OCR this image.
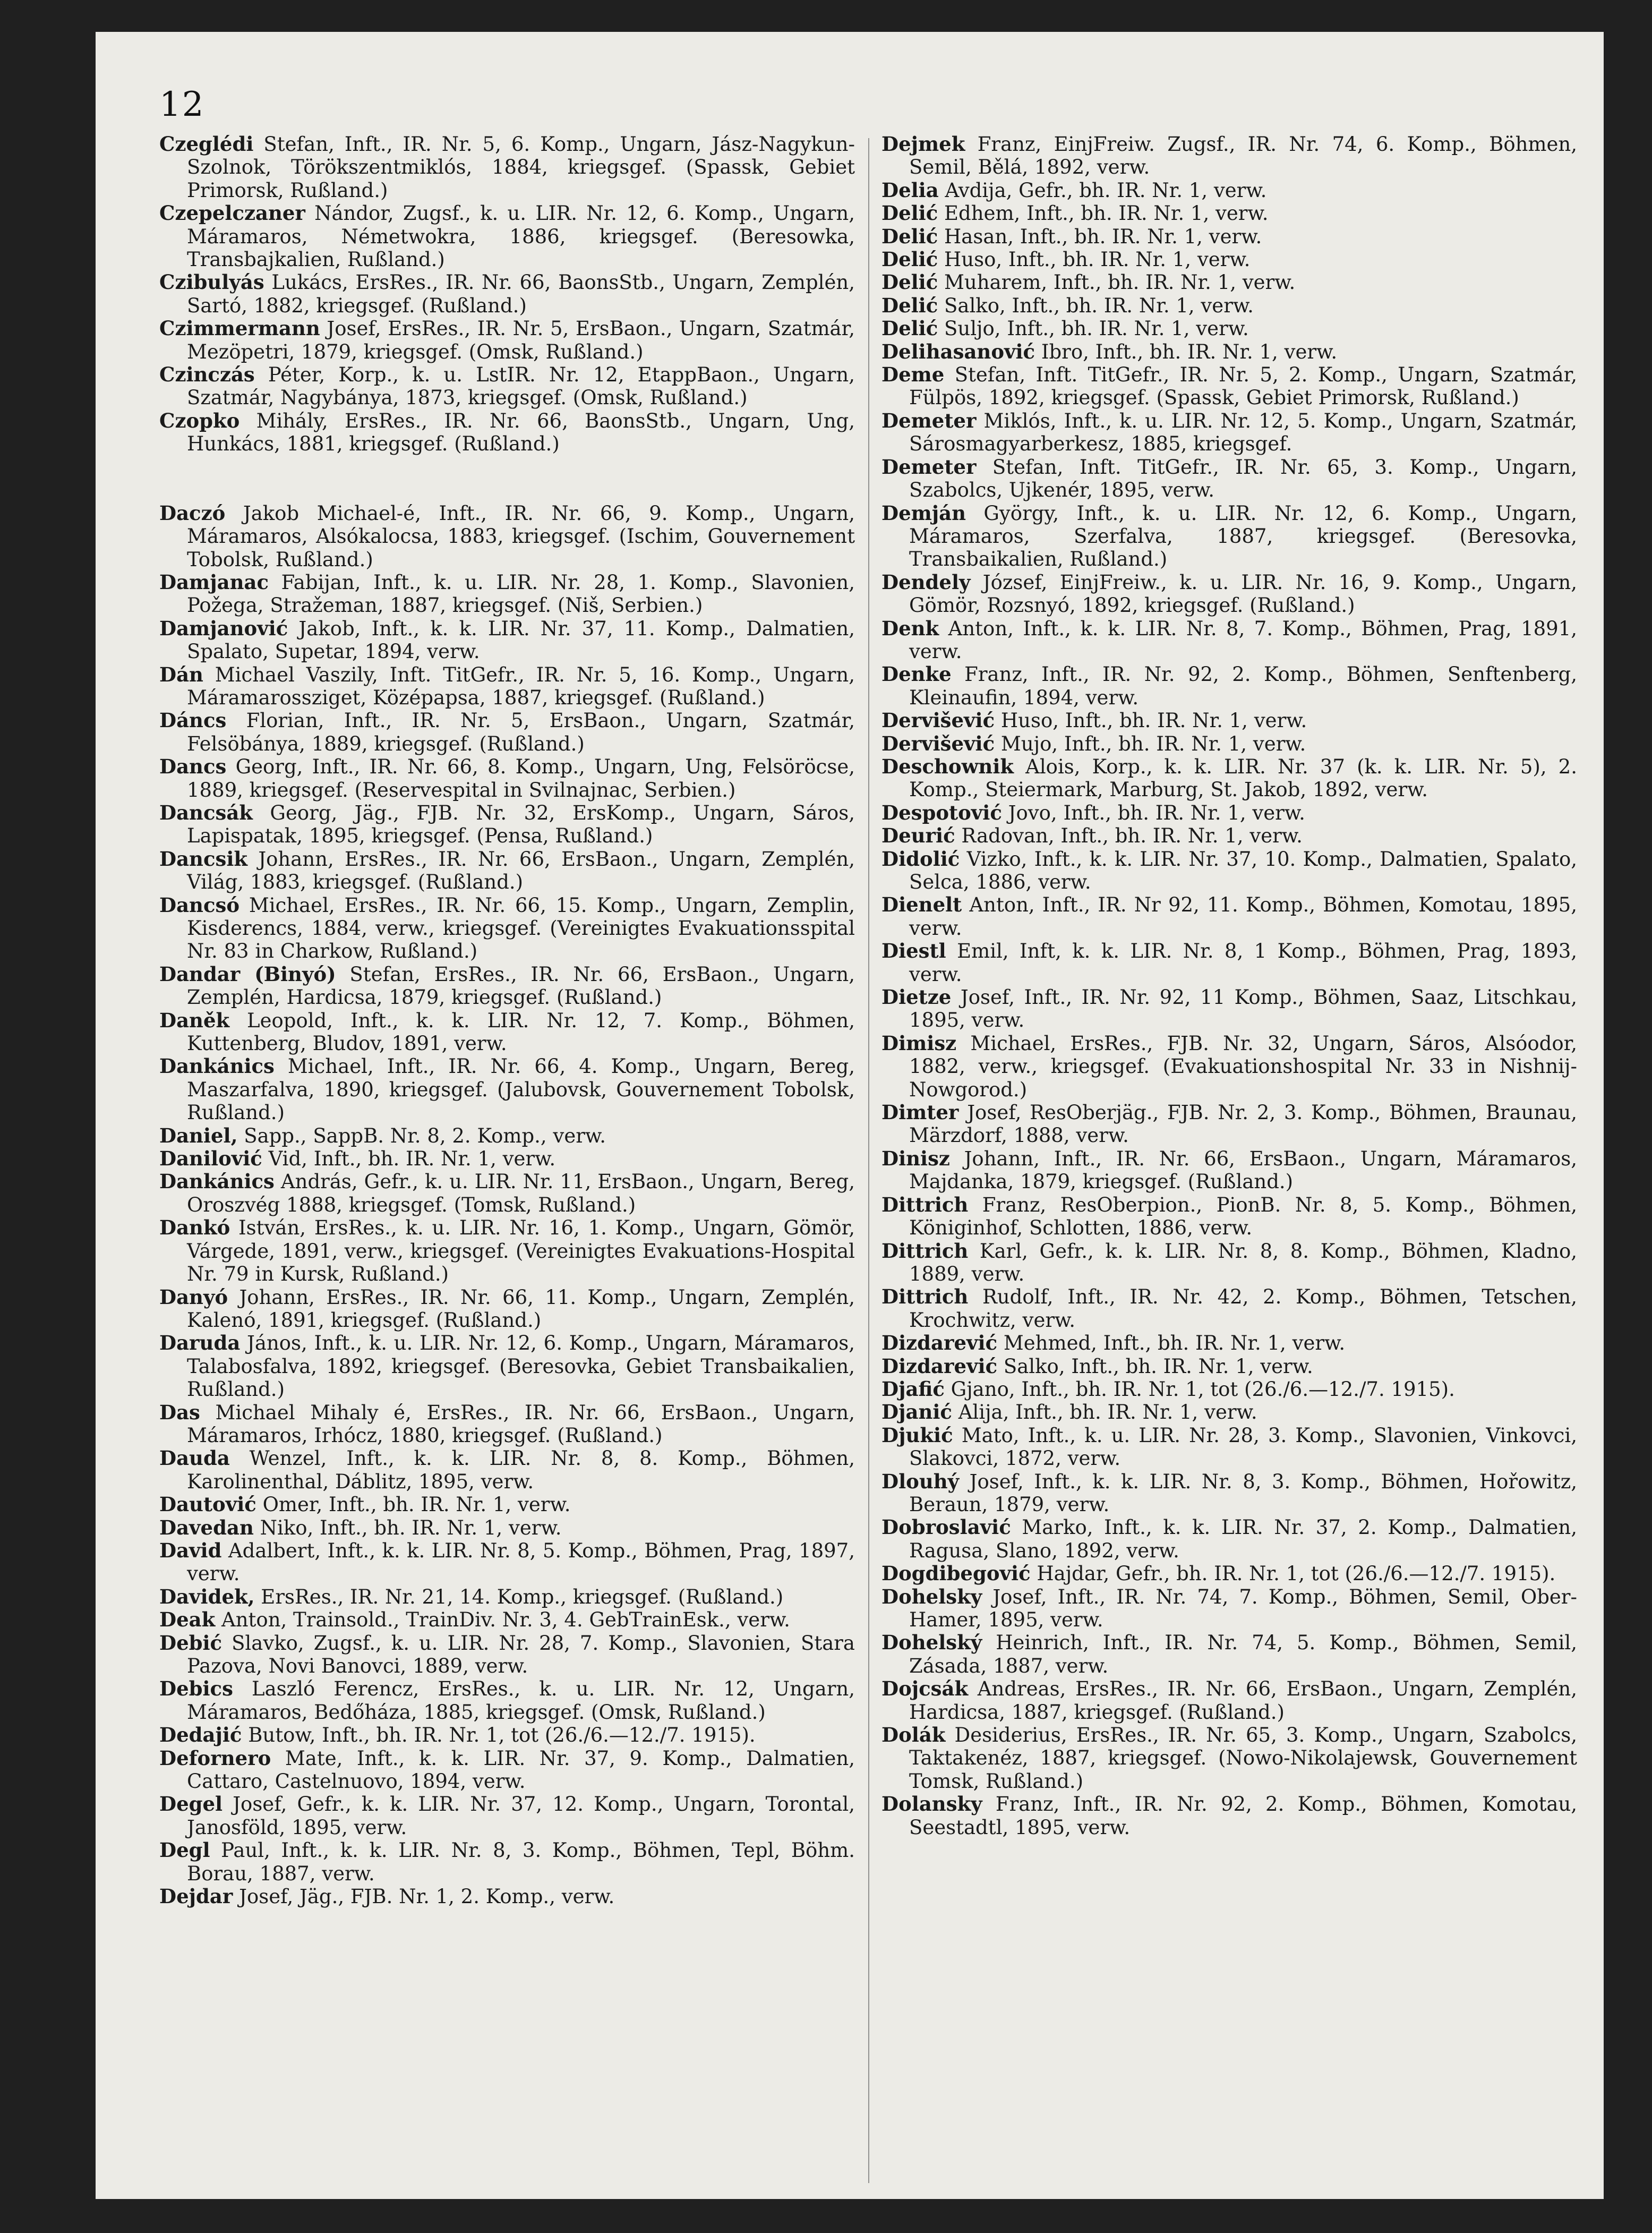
12

Czeglédi Stefan, Inft., IR. Nr. 5, 6. Komp., Ungarn, Jász-Nagykun-Szolnok, Törökszentmiklós, 1884, kriegsgef. (Spassk, Gebiet Primorsk, Rußland.)

Czepelczaner Nándor, Zugsf., k. u. LIR. Nr. 12, 6. Komp., Ungarn, Máramaros, Németwokra, 1886, kriegsgef. (Beresowka, Transbajkalien, Rußland.)

Czibulyás Lukács, ErsRes., IR. Nr. 66, BaonsStb., Ungarn, Zemplén, Sartó, 1882, kriegsgef. (Rußland.)

Czimmermann Josef, ErsRes., IR. Nr. 5, ErsBaon., Ungarn, Szatmár, Mezöpetri, 1879, kriegsgef. (Omsk, Rußland.)

Czinczás Péter, Korp., k. u. LstIR. Nr. 12, EtappBaon., Ungarn, Szatmár, Nagybánya, 1873, kriegsgef. (Omsk, Rußland.)

Czopko Mihály, ErsRes., IR. Nr. 66, BaonsStb., Ungarn, Ung, Hunkács, 1881, kriegsgef. (Rußland.)

Daczó Jakob Michael-é, Inft., IR. Nr. 66, 9. Komp., Ungarn, Máramaros, Alsókalocsa, 1883, kriegsgef. (Ischim, Gouvernement Tobolsk, Rußland.)

Damjanac Fabijan, Inft., k. u. LIR. Nr. 28, 1. Komp., Slavonien, Požega, Stražeman, 1887, kriegsgef. (Niš, Serbien.)

Damjanović Jakob, Inft., k. k. LIR. Nr. 37, 11. Komp., Dalmatien, Spalato, Supetar, 1894, verw.

Dán Michael Vaszily, Inft. TitGefr., IR. Nr. 5, 16. Komp., Ungarn, Máramarossziget, Középapsa, 1887, kriegsgef. (Rußland.)

Dáncs Florian, Inft., IR. Nr. 5, ErsBaon., Ungarn, Szatmár, Felsöbánya, 1889, kriegsgef. (Rußland.)

Dancs Georg, Inft., IR. Nr. 66, 8. Komp., Ungarn, Ung, Felsöröcse, 1889, kriegsgef. (Reservespital in Svilnajnac, Serbien.)

Dancsák Georg, Jäg., FJB. Nr. 32, ErsKomp., Ungarn, Sáros, Lapispatak, 1895, kriegsgef. (Pensa, Rußland.)

Dancsik Johann, ErsRes., IR. Nr. 66, ErsBaon., Ungarn, Zemplén, Világ, 1883, kriegsgef. (Rußland.)

Dancsó Michael, ErsRes., IR. Nr. 66, 15. Komp., Ungarn, Zemplin, Kisderencs, 1884, verw., kriegsgef. (Vereinigtes Evakuationsspital Nr. 83 in Charkow, Rußland.)

Dandar (Binyó) Stefan, ErsRes., IR. Nr. 66, ErsBaon., Ungarn, Zemplén, Hardicsa, 1879, kriegsgef. (Rußland.)

Daněk Leopold, Inft., k. k. LIR. Nr. 12, 7. Komp., Böhmen, Kuttenberg, Bludov, 1891, verw.

Dankánics Michael, Inft., IR. Nr. 66, 4. Komp., Ungarn, Bereg, Maszarfalva, 1890, kriegsgef. (Jalubovsk, Gouvernement Tobolsk, Rußland.)

Daniel, Sapp., SappB. Nr. 8, 2. Komp., verw.

Danilović Vid, Inft., bh. IR. Nr. 1, verw.

Dankánics András, Gefr., k. u. LIR. Nr. 11, ErsBaon., Ungarn, Bereg, Oroszvég 1888, kriegsgef. (Tomsk, Rußland.)

Dankó István, ErsRes., k. u. LIR. Nr. 16, 1. Komp., Ungarn, Gömör, Várgede, 1891, verw., kriegsgef. (Vereinigtes Evakuations-Hospital Nr. 79 in Kursk, Rußland.)

Danyó Johann, ErsRes., IR. Nr. 66, 11. Komp., Ungarn, Zemplén, Kalenó, 1891, kriegsgef. (Rußland.)

Daruda János, Inft., k. u. LIR. Nr. 12, 6. Komp., Ungarn, Máramaros, Talabosfalva, 1892, kriegsgef. (Beresovka, Gebiet Transbaikalien, Rußland.)

Das Michael Mihaly é, ErsRes., IR. Nr. 66, ErsBaon., Ungarn, Máramaros, Irhócz, 1880, kriegsgef. (Rußland.)

Dauda Wenzel, Inft., k. k. LIR. Nr. 8, 8. Komp., Böhmen, Karolinenthal, Dáblitz, 1895, verw.

Dautović Omer, Inft., bh. IR. Nr. 1, verw.

Davedan Niko, Inft., bh. IR. Nr. 1, verw.

David Adalbert, Inft., k. k. LIR. Nr. 8, 5. Komp., Böhmen, Prag, 1897, verw.

Davidek, ErsRes., IR. Nr. 21, 14. Komp., kriegsgef. (Rußland.)

Deak Anton, Trainsold., TrainDiv. Nr. 3, 4. GebTrainEsk., verw.

Debić Slavko, Zugsf., k. u. LIR. Nr. 28, 7. Komp., Slavonien, Stara Pazova, Novi Banovci, 1889, verw.

Debics Laszló Ferencz, ErsRes., k. u. LIR. Nr. 12, Ungarn, Máramaros, Bedőháza, 1885, kriegsgef. (Omsk, Rußland.)

Dedajić Butow, Inft., bh. IR. Nr. 1, tot (26./6.—12./7. 1915).

Defornero Mate, Inft., k. k. LIR. Nr. 37, 9. Komp., Dalmatien, Cattaro, Castelnuovo, 1894, verw.

Degel Josef, Gefr., k. k. LIR. Nr. 37, 12. Komp., Ungarn, Torontal, Janosföld, 1895, verw.

Degl Paul, Inft., k. k. LIR. Nr. 8, 3. Komp., Böhmen, Tepl, Böhm. Borau, 1887, verw.

Dejdar Josef, Jäg., FJB. Nr. 1, 2. Komp., verw.

Dejmek Franz, EinjFreiw. Zugsf., IR. Nr. 74, 6. Komp., Böhmen, Semil, Bělá, 1892, verw.

Delia Avdija, Gefr., bh. IR. Nr. 1, verw.

Delić Edhem, Inft., bh. IR. Nr. 1, verw.

Delić Hasan, Inft., bh. IR. Nr. 1, verw.

Delić Huso, Inft., bh. IR. Nr. 1, verw.

Delić Muharem, Inft., bh. IR. Nr. 1, verw.

Delić Salko, Inft., bh. IR. Nr. 1, verw.

Delić Suljo, Inft., bh. IR. Nr. 1, verw.

Delihasanović Ibro, Inft., bh. IR. Nr. 1, verw.

Deme Stefan, Inft. TitGefr., IR. Nr. 5, 2. Komp., Ungarn, Szatmár, Fülpös, 1892, kriegsgef. (Spassk, Gebiet Primorsk, Rußland.)

Demeter Miklós, Inft., k. u. LIR. Nr. 12, 5. Komp., Ungarn, Szatmár, Sárosmagyarberkesz, 1885, kriegsgef.

Demeter Stefan, Inft. TitGefr., IR. Nr. 65, 3. Komp., Ungarn, Szabolcs, Ujkenér, 1895, verw.

Demján György, Inft., k. u. LIR. Nr. 12, 6. Komp., Ungarn, Máramaros, Szerfalva, 1887, kriegsgef. (Beresovka, Transbaikalien, Rußland.)

Dendely József, EinjFreiw., k. u. LIR. Nr. 16, 9. Komp., Ungarn, Gömör, Rozsnyó, 1892, kriegsgef. (Rußland.)

Denk Anton, Inft., k. k. LIR. Nr. 8, 7. Komp., Böhmen, Prag, 1891, verw.

Denke Franz, Inft., IR. Nr. 92, 2. Komp., Böhmen, Senftenberg, Kleinaufin, 1894, verw.

Dervišević Huso, Inft., bh. IR. Nr. 1, verw.

Dervišević Mujo, Inft., bh. IR. Nr. 1, verw.

Deschownik Alois, Korp., k. k. LIR. Nr. 37 (k. k. LIR. Nr. 5), 2. Komp., Steiermark, Marburg, St. Jakob, 1892, verw.

Despotović Jovo, Inft., bh. IR. Nr. 1, verw.

Deurić Radovan, Inft., bh. IR. Nr. 1, verw.

Didolić Vizko, Inft., k. k. LIR. Nr. 37, 10. Komp., Dalmatien, Spalato, Selca, 1886, verw.

Dienelt Anton, Inft., IR. Nr 92, 11. Komp., Böhmen, Komotau, 1895, verw.

Diestl Emil, Inft, k. k. LIR. Nr. 8, 1 Komp., Böhmen, Prag, 1893, verw.

Dietze Josef, Inft., IR. Nr. 92, 11 Komp., Böhmen, Saaz, Litschkau, 1895, verw.

Dimisz Michael, ErsRes., FJB. Nr. 32, Ungarn, Sáros, Alsóodor, 1882, verw., kriegsgef. (Evakuationshospital Nr. 33 in Nishnij-Nowgorod.)

Dimter Josef, ResOberjäg., FJB. Nr. 2, 3. Komp., Böhmen, Braunau, Märzdorf, 1888, verw.

Dinisz Johann, Inft., IR. Nr. 66, ErsBaon., Ungarn, Máramaros, Majdanka, 1879, kriegsgef. (Rußland.)

Dittrich Franz, ResOberpion., PionB. Nr. 8, 5. Komp., Böhmen, Königinhof, Schlotten, 1886, verw.

Dittrich Karl, Gefr., k. k. LIR. Nr. 8, 8. Komp., Böhmen, Kladno, 1889, verw.

Dittrich Rudolf, Inft., IR. Nr. 42, 2. Komp., Böhmen, Tetschen, Krochwitz, verw.

Dizdarević Mehmed, Inft., bh. IR. Nr. 1, verw.

Dizdarević Salko, Inft., bh. IR. Nr. 1, verw.

Djafić Gjano, Inft., bh. IR. Nr. 1, tot (26./6.—12./7. 1915).

Djanić Alija, Inft., bh. IR. Nr. 1, verw.

Djukić Mato, Inft., k. u. LIR. Nr. 28, 3. Komp., Slavonien, Vinkovci, Slakovci, 1872, verw.

Dlouhý Josef, Inft., k. k. LIR. Nr. 8, 3. Komp., Böhmen, Hořowitz, Beraun, 1879, verw.

Dobroslavić Marko, Inft., k. k. LIR. Nr. 37, 2. Komp., Dalmatien, Ragusa, Slano, 1892, verw.

Dogdibegović Hajdar, Gefr., bh. IR. Nr. 1, tot (26./6.—12./7. 1915).

Dohelsky Josef, Inft., IR. Nr. 74, 7. Komp., Böhmen, Semil, Ober-Hamer, 1895, verw.

Dohelský Heinrich, Inft., IR. Nr. 74, 5. Komp., Böhmen, Semil, Zásada, 1887, verw.

Dojcsák Andreas, ErsRes., IR. Nr. 66, ErsBaon., Ungarn, Zemplén, Hardicsa, 1887, kriegsgef. (Rußland.)

Dolák Desiderius, ErsRes., IR. Nr. 65, 3. Komp., Ungarn, Szabolcs, Taktakenéz, 1887, kriegsgef. (Nowo-Nikolajewsk, Gouvernement Tomsk, Rußland.)

Dolansky Franz, Inft., IR. Nr. 92, 2. Komp., Böhmen, Komotau, Seestadtl, 1895, verw.
